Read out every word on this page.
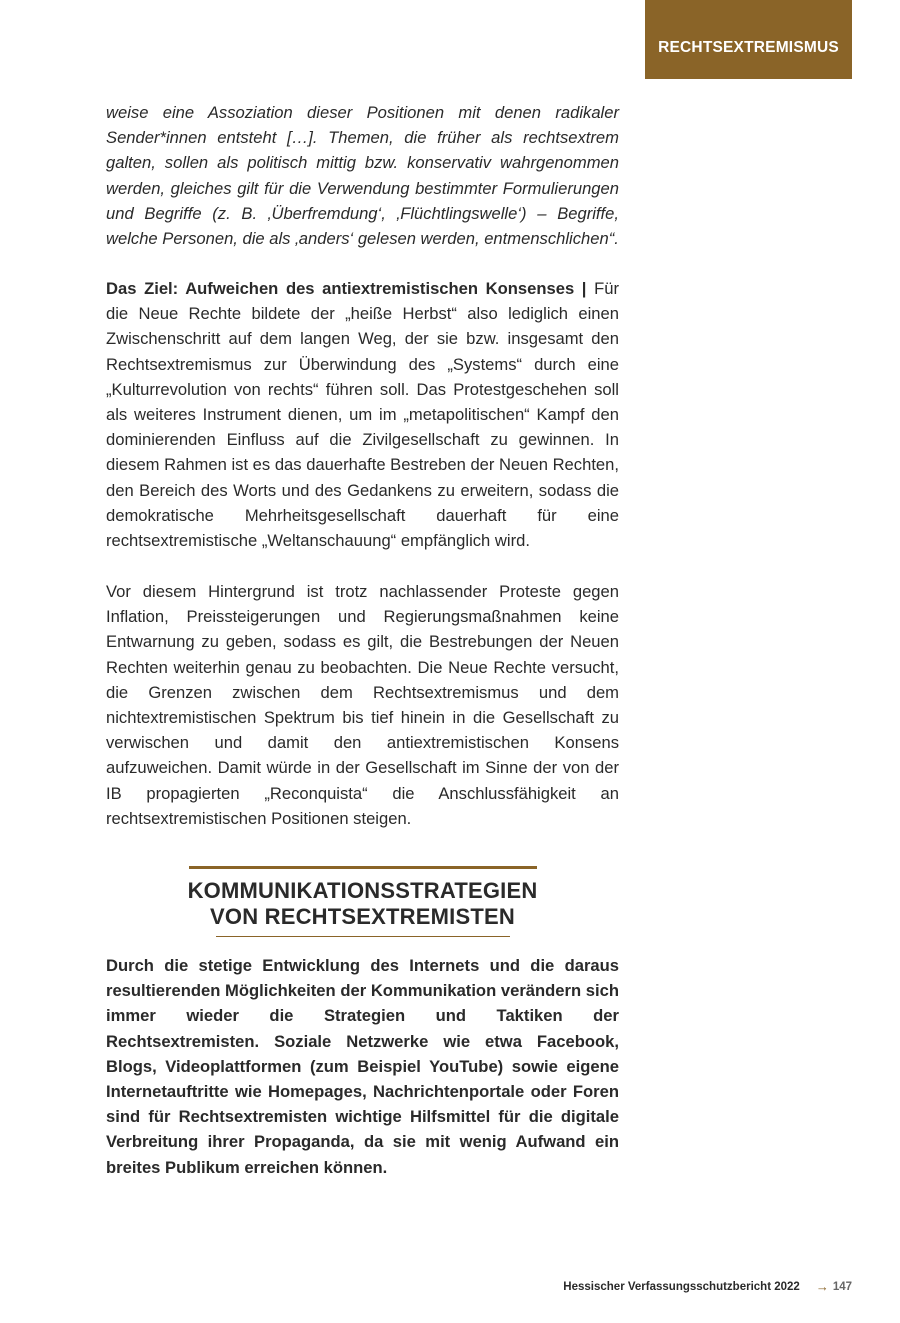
RECHTSEXTREMISMUS

weise eine Assoziation dieser Positionen mit denen radikaler Sender*innen entsteht […]. Themen, die früher als rechtsextrem galten, sollen als politisch mittig bzw. konservativ wahrgenommen werden, gleiches gilt für die Verwendung bestimmter Formulierungen und Begriffe (z. B. ‚Überfremdung‘, ‚Flüchtlingswelle‘) – Begriffe, welche Personen, die als ‚anders‘ gelesen werden, entmenschlichen“.

Das Ziel: Aufweichen des antiextremistischen Konsenses | Für die Neue Rechte bildete der „heiße Herbst“ also lediglich einen Zwischenschritt auf dem langen Weg, der sie bzw. insgesamt den Rechtsextremismus zur Überwindung des „Systems“ durch eine „Kulturrevolution von rechts“ führen soll. Das Protestgeschehen soll als weiteres Instrument dienen, um im „metapolitischen“ Kampf den dominierenden Einfluss auf die Zivilgesellschaft zu gewinnen. In diesem Rahmen ist es das dauerhafte Bestreben der Neuen Rechten, den Bereich des Worts und des Gedankens zu erweitern, sodass die demokratische Mehrheitsgesellschaft dauerhaft für eine rechtsextremistische „Weltanschauung“ empfänglich wird.

Vor diesem Hintergrund ist trotz nachlassender Proteste gegen Inflation, Preissteigerungen und Regierungsmaßnahmen keine Entwarnung zu geben, sodass es gilt, die Bestrebungen der Neuen Rechten weiterhin genau zu beobachten. Die Neue Rechte versucht, die Grenzen zwischen dem Rechtsextremismus und dem nichtextremistischen Spektrum bis tief hinein in die Gesellschaft zu verwischen und damit den antiextremistischen Konsens aufzuweichen. Damit würde in der Gesellschaft im Sinne der von der IB propagierten „Reconquista“ die Anschlussfähigkeit an rechtsextremistischen Positionen steigen.

KOMMUNIKATIONSSTRATEGIEN
VON RECHTSEXTREMISTEN

Durch die stetige Entwicklung des Internets und die daraus resultierenden Möglichkeiten der Kommunikation verändern sich immer wieder die Strategien und Taktiken der Rechtsextremisten. Soziale Netzwerke wie etwa Facebook, Blogs, Videoplattformen (zum Beispiel YouTube) sowie eigene Internetauftritte wie Homepages, Nachrichtenportale oder Foren sind für Rechtsextremisten wichtige Hilfsmittel für die digitale Verbreitung ihrer Propaganda, da sie mit wenig Aufwand ein breites Publikum erreichen können.

Hessischer Verfassungsschutzbericht 2022 → 147
